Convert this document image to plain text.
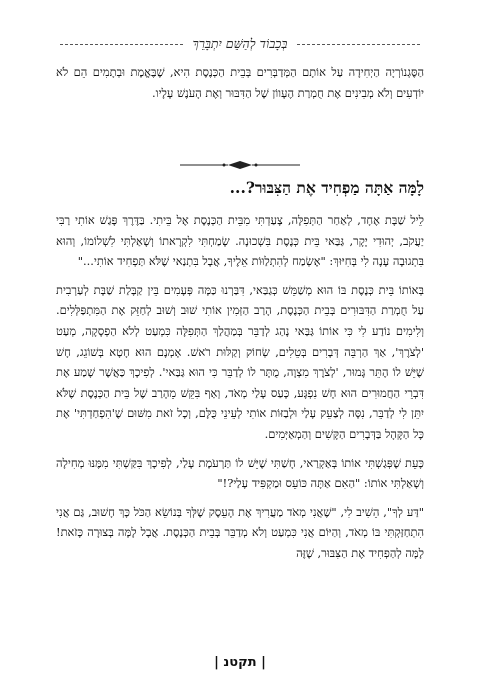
בְּכָבוֹד לְהַשֵּׁם יִתְבָּרֵךְ

הַסֶּגְנוֹרְיָה הַיְחִידָה עַל אוֹתָם הַמְּדַבְּרִים בְּבֵית הַכְּנֶסֶת הִיא, שֶׁבֶּאֱמֶת וּבְתָמִים הֵם לֹא יוֹדְעִים וְלֹא מְבִינִים אֶת חֻמְרַת הֶעָווֹן שֶׁל הַדִּבּוּר וְאֶת הָעֹנֶשׁ עָלָיו.

לָמָּה אַתָּה מַפְחִיד אֶת הַצִּבּוּר?...

לֵיל שַׁבָּת אֶחָד, לְאַחַר הַתְּפִלָּה, צָעַדְתִּי מִבֵּית הַכְּנֶסֶת אֶל בֵּיתִי. בַּדֶּרֶךְ פָּגַשׁ אוֹתִי רַבִּי יַעֲקֹב, יְהוּדִי יָקָר, גַּבַּאי בֵּית כְּנֶסֶת בִּשְׁכוּנָה. שָׂמַחְתִּי לִקְרָאתוֹ וְשָׁאַלְתִּי לִשְׁלוֹמוֹ, וְהוּא בִּתְגוּבָה עָנָה לִי בְּחִיּוּךְ: "אֶשְׂמַח לְהִתְלַוּוֹת אֵלֶיךָ, אֲבָל בִּתְנַאי שֶׁלֹּא תַּפְחִיד אוֹתִי..."

בְּאוֹתוֹ בֵּית כְּנֶסֶת בּוֹ הוּא מְשַׁמֵּשׁ כְּגַבַּאי, דִּבַּרְנוּ כַּמָּה פְּעָמִים בֵּין קַבָּלַת שַׁבָּת לְעַרְבִית עַל חֻמְרַת הַדִּבּוּרִים בְּבֵית הַכְּנֶסֶת, הָרַב הַזְּמִין אוֹתִי שׁוּב וְשׁוּב לְחַזֵּק אֶת הַמִּתְפַּלְּלִים. וְלִימִים נוֹדַע לִי כִּי אוֹתוֹ גַּבַּאי נָהַג לְדַבֵּר בְּמַהֲלַךְ הַתְּפִלָּה כִּמְעַט לְלֹא הַפְסָקָה, מְעַט 'לְצֹרֶךְ', אַךְ הַרְבֵּה דְּבָרִים בְּטֵלִים, שְׂחוֹק וְקַלּוּת רֹאשׁ. אָמְנָם הוּא חָטָא בְּשׁוֹגֵג, חָשׁ שֶׁיֵּשׁ לוֹ הֶתֵּר גָּמוּר, 'לְצֹרֶךְ מִצְוָה, מֻתָּר לוֹ לְדַבֵּר כִּי הוּא גַּבַּאי'. לְפִיכָךְ כַּאֲשֶׁר שָׁמַע אֶת דִּבְרֵי הַחֲמוּרִים הוּא חָשׁ נִפְגָּע, כָּעַס עָלַי מְאֹד, וְאַף בִּקֵּשׁ מֵהָרַב שֶׁל בֵּית הַכְּנֶסֶת שֶׁלֹּא יִתֵּן לִי לְדַבֵּר, נִסָּה לְצַעֵק עָלַי וּלְבַזּוֹת אוֹתִי לְעֵינֵי כֻּלָּם, וְכָל זֹאת מִשּׁוּם שֶׁ'הִפְחַדְתִּי' אֶת כָּל הַקָּהָל בַּדְּבָרִים הַקָּשִׁים וְהַמְאַיְּמִים.

כָּעֵת שֶׁפְּגַשְׁתִּי אוֹתוֹ בְּאַקְרַאי, חָשַׁתִּי שֶׁיֵּשׁ לוֹ תַּרְעֹמֶת עָלַי, לְפִיכָךְ בִּקַּשְׁתִּי מִמֶּנּוּ מְחִילָה וְשָׁאַלְתִּי אוֹתוֹ: "הַאִם אַתָּה כּוֹעֵס וּמַקְפִּיד עָלַי?!"

"דַּע לְךָ", הֵשִׁיב לִי, "שֶׁאֲנִי מְאֹד מַעֲרִיךְ אֶת הָעֵסֶק שֶׁלְּךָ בְּנוֹשֵׂא הַכֹּל כָּךְ חָשׁוּב, גַּם אֲנִי הִתְחַזַּקְתִּי בּוֹ מְאֹד, וְהַיּוֹם אֲנִי כִּמְעַט וְלֹא מְדַבֵּר בְּבֵית הַכְּנֶסֶת. אֲבָל לָמָּה בְּצוּרָה כָּזֹאת! לָמָּה לְהַפְחִיד אֶת הַצִּבּוּר, שֶׁזֶּה

| תקטנ |
